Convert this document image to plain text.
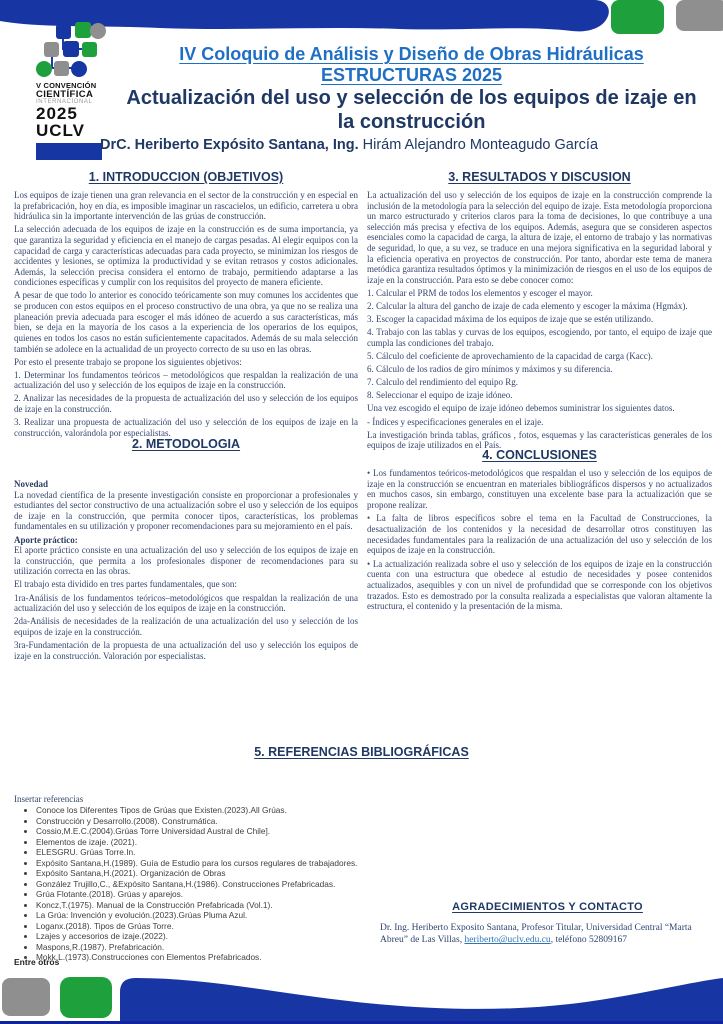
V CONVENCIÓN
CIENTÍFICA
INTERNACIONAL
2025
UCLV
IV Coloquio de Análisis y Diseño de Obras Hidráulicas ESTRUCTURAS 2025
Actualización del uso y selección de los equipos de izaje en la construcción
DrC. Heriberto Expósito Santana, Ing. Hirám Alejandro Monteagudo García
1. INTRODUCCION (OBJETIVOS)

Los equipos de izaje tienen una gran relevancia en el sector de la construcción y en especial en la prefabricación, hoy en día, es imposible imaginar un rascacielos, un edificio, carretera u obra hidráulica sin la importante intervención de las grúas de construcción.

La selección adecuada de los equipos de izaje en la construcción es de suma importancia, ya que garantiza la seguridad y eficiencia en el manejo de cargas pesadas. Al elegir equipos con la capacidad de carga y características adecuadas para cada proyecto, se minimizan los riesgos de accidentes y lesiones, se optimiza la productividad y se evitan retrasos y costos adicionales. Además, la selección precisa considera el entorno de trabajo, permitiendo adaptarse a las condiciones específicas y cumplir con los requisitos del proyecto de manera eficiente.

A pesar de que todo lo anterior es conocido teóricamente son muy comunes los accidentes que se producen con estos equipos en el proceso constructivo de una obra, ya que no se realiza una planeación previa adecuada para escoger el más idóneo de acuerdo a sus características, más bien, se deja en la mayoría de los casos a la experiencia de los operarios de los equipos, quienes en todos los casos no están suficientemente capacitados. Además de su mala selección también se adolece en la actualidad de un proyecto correcto de su uso en las obras.

Por esto el presente trabajo se propone los siguientes objetivos:

1. Determinar los fundamentos teóricos – metodológicos que respaldan la realización de una actualización del uso y selección de los equipos de izaje en la construcción.

2. Analizar las necesidades de la propuesta de actualización del uso y selección de los equipos de izaje en la construcción.

3. Realizar una propuesta de actualización del uso y selección de los equipos de izaje en la construcción, valorándola por especialistas.

2. METODOLOGIA

Novedad
La novedad científica de la presente investigación consiste en proporcionar a profesionales y estudiantes del sector constructivo de una actualización sobre el uso y selección de los equipos de izaje en la construcción, que permita conocer tipos, características, los problemas fundamentales en su utilización y proponer recomendaciones para su mejoramiento en el país.

Aporte práctico:
El aporte práctico consiste en una actualización del uso y selección de los equipos de izaje en la construcción, que permita a los profesionales disponer de recomendaciones para su utilización correcta en las obras.

El trabajo esta dividido en tres partes fundamentales, que son:

1ra-Análisis de los fundamentos teóricos–metodológicos que respaldan la realización de una actualización del uso y selección de los equipos de izaje en la construcción.

2da-Análisis de necesidades de la realización de una actualización del uso y selección de los equipos de izaje en la construcción.

3ra-Fundamentación de la propuesta de una actualización del uso y selección los equipos de izaje en la construcción. Valoración por especialistas.

3. RESULTADOS Y DISCUSION

La actualización del uso y selección de los equipos de izaje en la construcción comprende la inclusión de la metodología para la selección del equipo de izaje. Esta metodología proporciona un marco estructurado y criterios claros para la toma de decisiones, lo que contribuye a una selección más precisa y efectiva de los equipos. Además, asegura que se consideren aspectos esenciales como la capacidad de carga, la altura de izaje, el entorno de trabajo y las normativas de seguridad, lo que, a su vez, se traduce en una mejora significativa en la seguridad laboral y la eficiencia operativa en proyectos de construcción. Por tanto, abordar este tema de manera metódica garantiza resultados óptimos y la minimización de riesgos en el uso de los equipos de izaje en la construcción. Para esto se debe conocer como:

1. Calcular el PRM de todos los elementos y escoger el mayor.

2. Calcular la altura del gancho de izaje de cada elemento y escoger la máxima (Hgmáx).

3. Escoger la capacidad máxima de los equipos de izaje que se estén utilizando.

4. Trabajo con las tablas y curvas de los equipos, escogiendo, por tanto, el equipo de izaje que cumpla las condiciones del trabajo.

5. Cálculo del coeficiente de aprovechamiento de la capacidad de carga (Kacc).

6. Cálculo de los radios de giro mínimos y máximos y su diferencia.

7. Calculo del rendimiento del equipo Rg.

8. Seleccionar el equipo de izaje idóneo.

Una vez escogido el equipo de izaje idóneo debemos suministrar los siguientes datos.

- Índices y especificaciones generales en el izaje.

La investigación brinda tablas, gráficos , fotos, esquemas y las características generales de los equipos de izaje utilizados en el País.

4. CONCLUSIONES

• Los fundamentos teóricos-metodológicos que respaldan el uso y selección de los equipos de izaje en la construcción se encuentran en materiales bibliográficos dispersos y no actualizados en muchos casos, sin embargo, constituyen una excelente base para la actualización que se propone realizar.

• La falta de libros específicos sobre el tema en la Facultad de Construcciones, la desactualización de los contenidos y la necesidad de desarrollar otros constituyen las necesidades fundamentales para la realización de una actualización del uso y selección de los equipos de izaje en la construcción.

• La actualización realizada sobre el uso y selección de los equipos de izaje en la construcción cuenta con una estructura que obedece al estudio de necesidades y posee contenidos actualizados, asequibles y con un nivel de profundidad que se corresponde con los objetivos trazados. Esto es demostrado por la consulta realizada a especialistas que valoran altamente la estructura, el contenido y la presentación de la misma.

5. REFERENCIAS BIBLIOGRÁFICAS
Insertar referencias
• Conoce los Diferentes Tipos de Grúas que Existen.(2023).All Grúas.
• Construcción y Desarrollo.(2008). Construmática.
• Cossio,M.E.C.(2004).Grúas Torre Universidad Austral de Chile].
• Elementos de izaje. (2021).
• ELESGRU. Grúas Torre.In.
• Expósito Santana,H.(1989). Guía de Estudio para los cursos regulares de trabajadores.
• Expósito Santana,H.(2021). Organización de Obras
• González Trujillo,C., &Expósito Santana,H.(1986). Construcciones Prefabricadas.
• Grúa Flotante.(2018). Grúas y aparejos.
• Koncz,T.(1975). Manual de la Construcción Prefabricada (Vol.1).
• La Grúa: Invención y evolución.(2023).Grúas Pluma Azul.
• Loganx.(2018). Tipos de Grúas Torre.
• Lzajes y accesorios de izaje.(2022).
• Maspons,R.(1987). Prefabricación.
• Mokk,L.(1973).Construcciones con Elementos Prefabricados.
Entre otros
AGRADECIMIENTOS Y CONTACTO
Dr. Ing. Heriberto Exposito Santana, Profesor Titular, Universidad Central “Marta Abreu” de Las Villas, heriberto@uclv.edu.cu, teléfono 52809167
